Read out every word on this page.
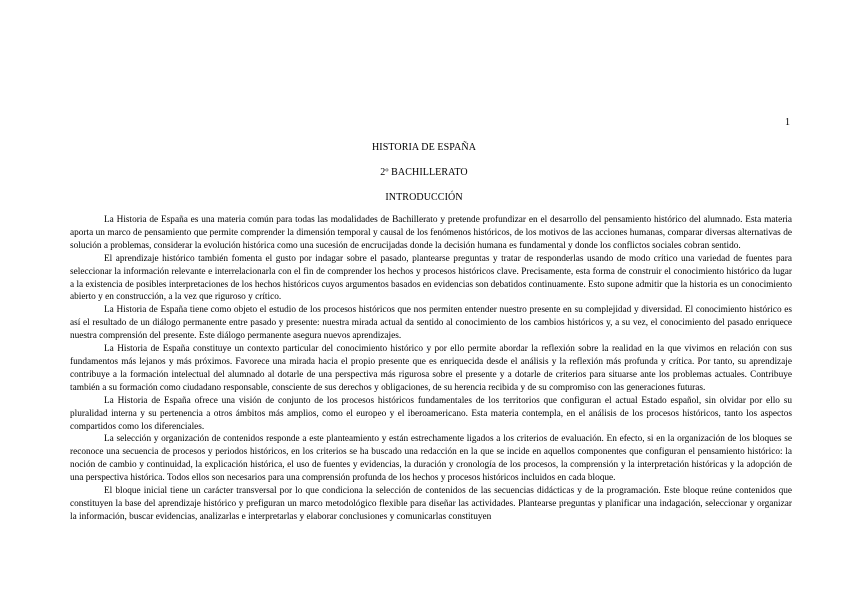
1
HISTORIA DE ESPAÑA
2º BACHILLERATO
INTRODUCCIÓN

La Historia de España es una materia común para todas las modalidades de Bachillerato y pretende profundizar en el desarrollo del pensamiento histórico del alumnado. Esta materia aporta un marco de pensamiento que permite comprender la dimensión temporal y causal de los fenómenos históricos, de los motivos de las acciones humanas, comparar diversas alternativas de solución a problemas, considerar la evolución histórica como una sucesión de encrucijadas donde la decisión humana es fundamental y donde los conflictos sociales cobran sentido.

El aprendizaje histórico también fomenta el gusto por indagar sobre el pasado, plantearse preguntas y tratar de responderlas usando de modo crítico una variedad de fuentes para seleccionar la información relevante e interrelacionarla con el fin de comprender los hechos y procesos históricos clave. Precisamente, esta forma de construir el conocimiento histórico da lugar a la existencia de posibles interpretaciones de los hechos históricos cuyos argumentos basados en evidencias son debatidos continuamente. Esto supone admitir que la historia es un conocimiento abierto y en construcción, a la vez que riguroso y crítico.

La Historia de España tiene como objeto el estudio de los procesos históricos que nos permiten entender nuestro presente en su complejidad y diversidad. El conocimiento histórico es así el resultado de un diálogo permanente entre pasado y presente: nuestra mirada actual da sentido al conocimiento de los cambios históricos y, a su vez, el conocimiento del pasado enriquece nuestra comprensión del presente. Este diálogo permanente asegura nuevos aprendizajes.

La Historia de España constituye un contexto particular del conocimiento histórico y por ello permite abordar la reflexión sobre la realidad en la que vivimos en relación con sus fundamentos más lejanos y más próximos. Favorece una mirada hacia el propio presente que es enriquecida desde el análisis y la reflexión más profunda y crítica. Por tanto, su aprendizaje contribuye a la formación intelectual del alumnado al dotarle de una perspectiva más rigurosa sobre el presente y a dotarle de criterios para situarse ante los problemas actuales. Contribuye también a su formación como ciudadano responsable, consciente de sus derechos y obligaciones, de su herencia recibida y de su compromiso con las generaciones futuras.

La Historia de España ofrece una visión de conjunto de los procesos históricos fundamentales de los territorios que configuran el actual Estado español, sin olvidar por ello su pluralidad interna y su pertenencia a otros ámbitos más amplios, como el europeo y el iberoamericano. Esta materia contempla, en el análisis de los procesos históricos, tanto los aspectos compartidos como los diferenciales.

La selección y organización de contenidos responde a este planteamiento y están estrechamente ligados a los criterios de evaluación. En efecto, si en la organización de los bloques se reconoce una secuencia de procesos y periodos históricos, en los criterios se ha buscado una redacción en la que se incide en aquellos componentes que configuran el pensamiento histórico: la noción de cambio y continuidad, la explicación histórica, el uso de fuentes y evidencias, la duración y cronología de los procesos, la comprensión y la interpretación históricas y la adopción de una perspectiva histórica. Todos ellos son necesarios para una comprensión profunda de los hechos y procesos históricos incluidos en cada bloque.

El bloque inicial tiene un carácter transversal por lo que condiciona la selección de contenidos de las secuencias didácticas y de la programación. Este bloque reúne contenidos que constituyen la base del aprendizaje histórico y prefiguran un marco metodológico flexible para diseñar las actividades. Plantearse preguntas y planificar una indagación, seleccionar y organizar la información, buscar evidencias, analizarlas e interpretarlas y elaborar conclusiones y comunicarlas constituyen
